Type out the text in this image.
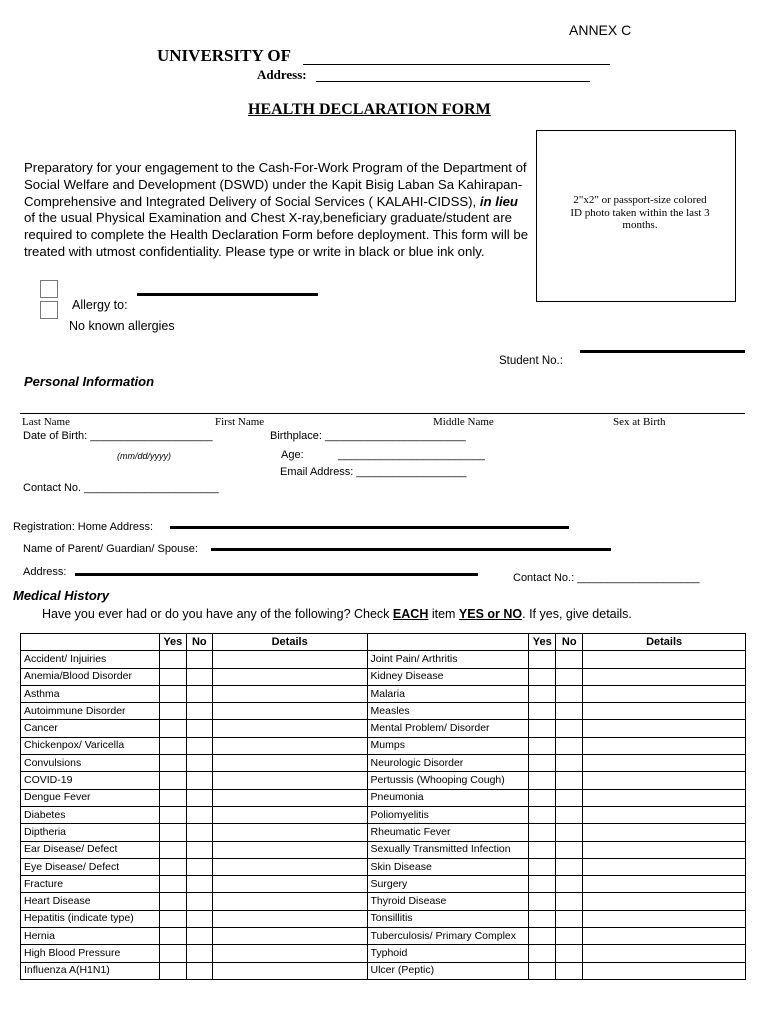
ANNEX C
UNIVERSITY OF
Address:
HEALTH DECLARATION FORM
Preparatory for your engagement to the Cash-For-Work Program of the Department of Social Welfare and Development (DSWD) under the Kapit Bisig Laban Sa Kahirapan-Comprehensive and Integrated Delivery of Social Services ( KALAHI-CIDSS), in lieu of the usual Physical Examination and Chest X-ray,beneficiary graduate/student are required to complete the Health Declaration Form before deployment. This form will be treated with utmost confidentiality. Please type or write in black or blue ink only.
2"x2" or passport-size colored ID photo taken within the last 3 months.
Allergy to:
No known allergies
Student No.:
Personal Information
Last Name	First Name	Middle Name	Sex at Birth
Date of Birth: ____________________	Birthplace: _______________________
(mm/dd/yyyy)	Age:	________________________
Email Address: __________________
Contact No. ______________________
Registration: Home Address:
Name of Parent/ Guardian/ Spouse:
Address:	Contact No.: ____________________
Medical History
Have you ever had or do you have any of the following? Check EACH item YES or NO. If yes, give details.
	Yes	No	Details		Yes	No	Details
Accident/ Injuiries				Joint Pain/ Arthritis			
Anemia/Blood Disorder				Kidney Disease			
Asthma				Malaria			
Autoimmune Disorder				Measles			
Cancer				Mental Problem/ Disorder			
Chickenpox/ Varicella				Mumps			
Convulsions				Neurologic Disorder			
COVID-19				Pertussis (Whooping Cough)			
Dengue Fever				Pneumonia			
Diabetes				Poliomyelitis			
Diptheria				Rheumatic Fever			
Ear Disease/ Defect				Sexually Transmitted Infection			
Eye Disease/ Defect				Skin Disease			
Fracture				Surgery			
Heart Disease				Thyroid Disease			
Hepatitis (indicate type)				Tonsillitis			
Hernia				Tuberculosis/ Primary Complex			
High Blood Pressure				Typhoid			
Influenza A(H1N1)				Ulcer (Peptic)			
